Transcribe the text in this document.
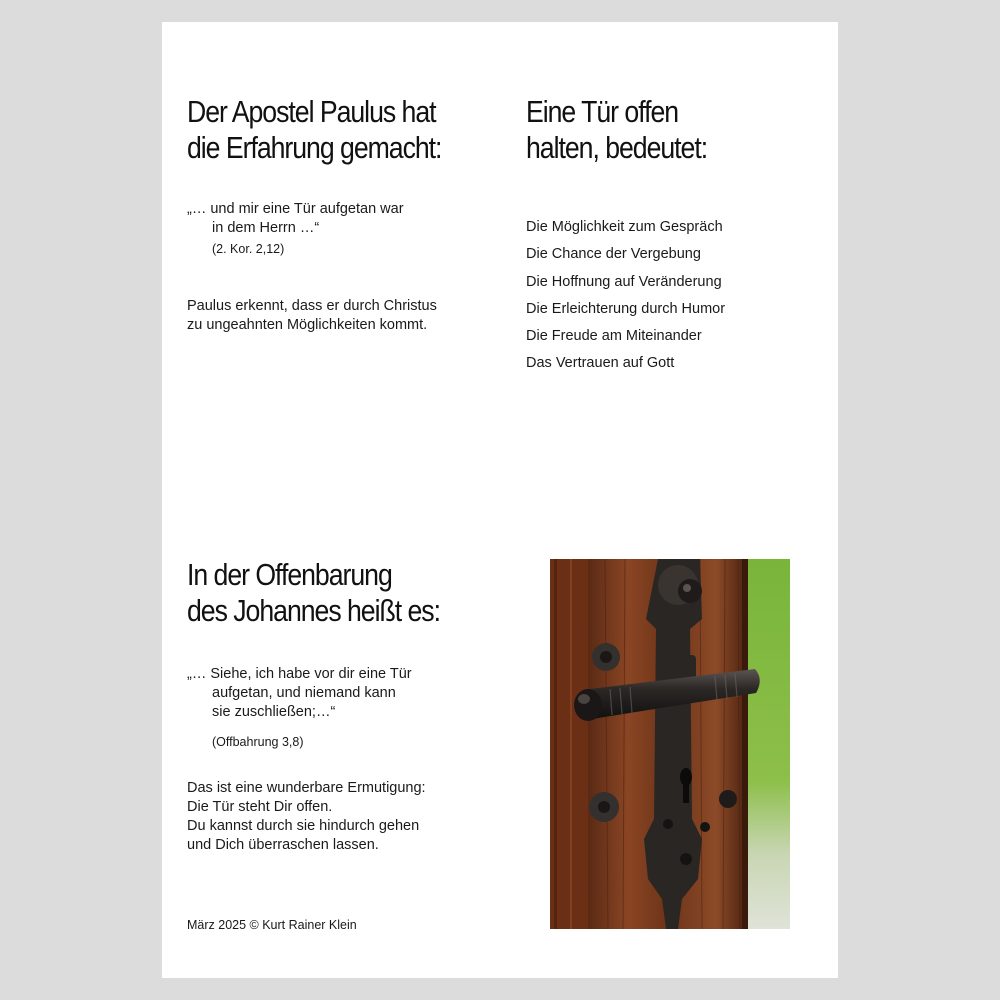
Der Apostel Paulus hat
die Erfahrung gemacht:
„… und mir eine Tür aufgetan war
in dem Herrn …“
(2. Kor. 2,12)
Paulus erkennt, dass er durch Christus
zu ungeahnten Möglichkeiten kommt.
Eine Tür offen
halten, bedeutet:
Die Möglichkeit zum Gespräch
Die Chance der Vergebung
Die Hoffnung auf Veränderung
Die Erleichterung durch Humor
Die Freude am Miteinander
Das Vertrauen auf Gott
In der Offenbarung
des Johannes heißt es:
„… Siehe, ich habe vor dir eine Tür
aufgetan, und niemand kann
sie zuschließen;…“
(Offbahrung 3,8)
Das ist eine wunderbare Ermutigung:
Die Tür steht Dir offen.
Du kannst durch sie hindurch gehen
und Dich überraschen lassen.
März 2025 © Kurt Rainer Klein
